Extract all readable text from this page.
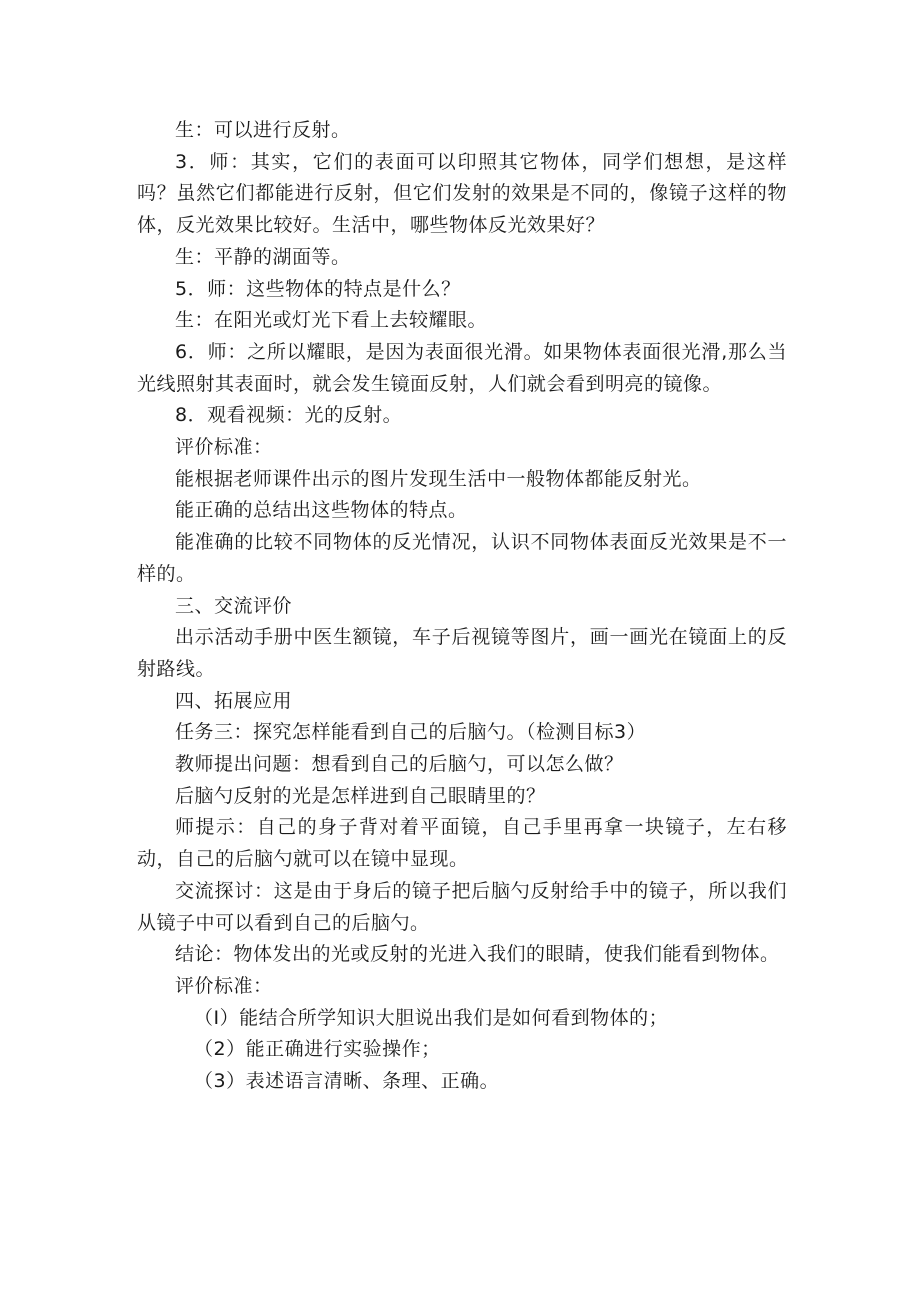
生：可以进行反射。

3．师：其实，它们的表面可以印照其它物体，同学们想想，是这样吗？虽然它们都能进行反射，但它们发射的效果是不同的，像镜子这样的物体，反光效果比较好。生活中，哪些物体反光效果好？

生：平静的湖面等。

5．师：这些物体的特点是什么？

生：在阳光或灯光下看上去较耀眼。

6．师：之所以耀眼，是因为表面很光滑。如果物体表面很光滑,那么当光线照射其表面时，就会发生镜面反射，人们就会看到明亮的镜像。

8．观看视频：光的反射。

评价标准：

能根据老师课件出示的图片发现生活中一般物体都能反射光。

能正确的总结出这些物体的特点。

能准确的比较不同物体的反光情况，认识不同物体表面反光效果是不一样的。

三、交流评价

出示活动手册中医生额镜，车子后视镜等图片，画一画光在镜面上的反射路线。

四、拓展应用

任务三：探究怎样能看到自己的后脑勺。（检测目标3）

教师提出问题：想看到自己的后脑勺，可以怎么做？

后脑勺反射的光是怎样进到自己眼睛里的？

师提示：自己的身子背对着平面镜，自己手里再拿一块镜子，左右移动，自己的后脑勺就可以在镜中显现。

交流探讨：这是由于身后的镜子把后脑勺反射给手中的镜子，所以我们从镜子中可以看到自己的后脑勺。

结论：物体发出的光或反射的光进入我们的眼睛，使我们能看到物体。

评价标准：

（I）能结合所学知识大胆说出我们是如何看到物体的；

（2）能正确进行实验操作；

（3）表述语言清晰、条理、正确。
